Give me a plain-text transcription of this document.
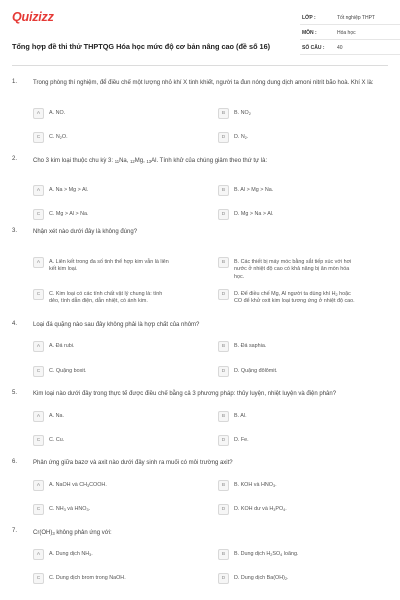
Quizizz
Tổng hợp đề thi thử THPTQG Hóa học mức độ cơ bản nâng cao (đề số 16)
LỚP :	Tốt nghiệp THPT
MÔN :	Hóa học
SỐ CÂU :	40
1.	Trong phòng thí nghiệm, để điều chế một lượng nhỏ khí X tinh khiết, người ta đun nóng dung dịch amoni nitrit bão hoà. Khí X là:
A	A. NO.	B	B. $NO_2$
C	C. $N_2O$.	D	D. $N_2$.
2.	Cho 3 kim loại thuộc chu kỳ 3: $_{11}$Na, $_{12}$Mg, $_{13}$Al. Tính khử của chúng giảm theo thứ tự là:
A	A. Na > Mg > Al.	B	B. Al > Mg > Na.
C	C. Mg > Al > Na.	D	D. Mg > Na > Al.
3.	Nhận xét nào dưới đây là không đúng?
A	A. Liên kết trong đa số tinh thể hợp kim vẫn là liên
kết kim loại.
B	B. Các thiết bị máy móc bằng sắt tiếp xúc với hơi
nước ở nhiệt độ cao có khả năng bị ăn mòn hóa
học.
C	C. Kim loại có các tính chất vật lý chung là: tính
dẻo, tính dẫn điện, dẫn nhiệt, có ánh kim.
D	D. Để điều chế Mg, Al người ta dùng khí $H_2$ hoặc
CO để khử oxit kim loại tương ứng ở nhiệt độ cao.
4.	Loại đá quặng nào sau đây không phải là hợp chất của nhôm?
A	A. Đá rubi.	B	B. Đá saphia.
C	C. Quặng boxit.	D	D. Quặng đôlômit.
5.	Kim loại nào dưới đây trong thực tế được điều chế bằng cả 3 phương pháp: thủy luyện, nhiệt luyện và điện phân?
A	A. Na.	B	B. Al.
C	C. Cu.	D	D. Fe.
6.	Phản ứng giữa bazơ và axit nào dưới đây sinh ra muối có môi trường axit?
A	A. NaOH và $CH_3COOH$.	B	B. KOH và $HNO_3$.
C	C. $NH_3$ và $HNO_3$.	D	D. KOH dư và $H_3PO_4$.
7.	$Cr(OH)_3$ không phản ứng với:
A	A. Dung dịch $NH_3$.	B	B. Dung dịch $H_2SO_4$ loãng.
C	C. Dung dịch brom trong NaOH.	D	D. Dung dịch $Ba(OH)_2$.
